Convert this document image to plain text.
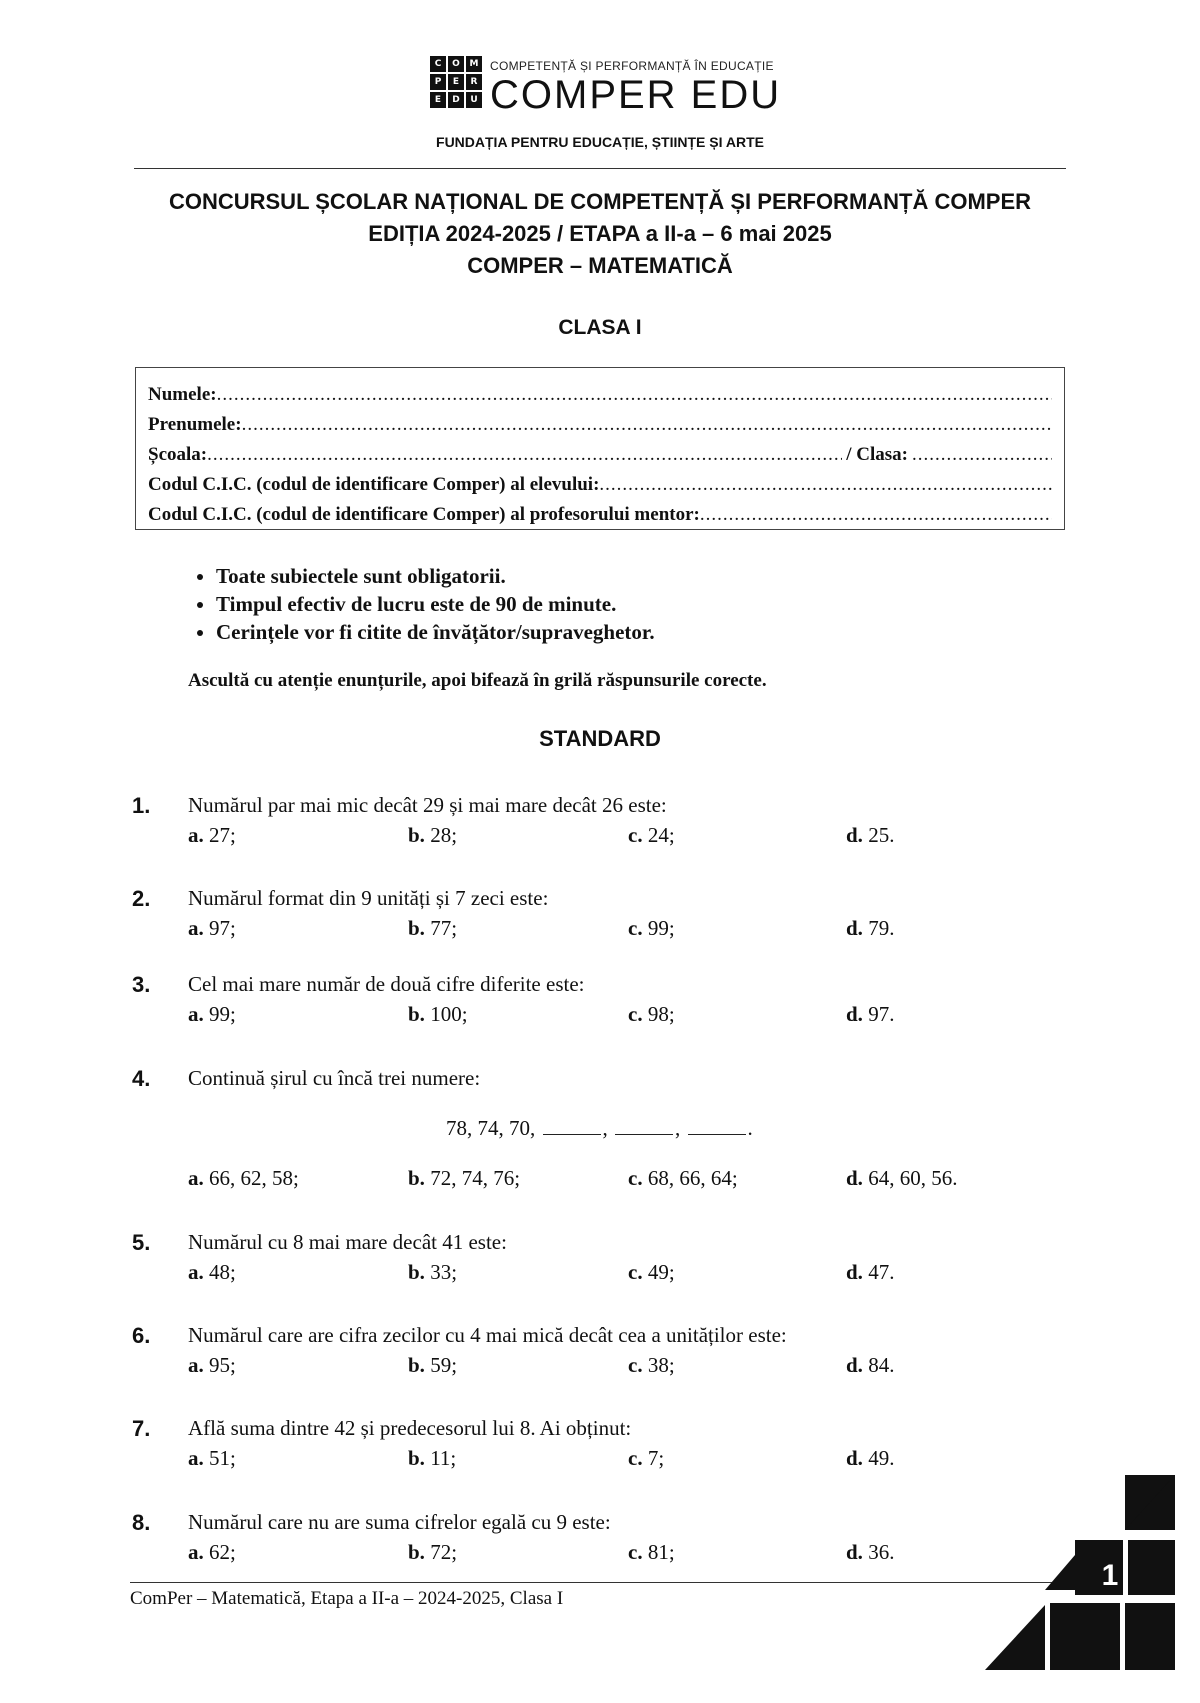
C	O	M
P	E	R
E	D	U
COMPETENȚĂ ȘI PERFORMANȚĂ ÎN EDUCAȚIE
COMPER EDU
FUNDAȚIA PENTRU EDUCAȚIE, ȘTIINȚE ȘI ARTE
CONCURSUL ȘCOLAR NAȚIONAL DE COMPETENȚĂ ȘI PERFORMANȚĂ COMPER
EDIȚIA 2024-2025 / ETAPA a II-a – 6 mai 2025
COMPER – MATEMATICĂ
CLASA I
Numele:
.....
Prenumele:
.....
Școala:
.....	/ Clasa:
.....
Codul C.I.C. (codul de identificare Comper) al elevului:
.....
Codul C.I.C. (codul de identificare Comper) al profesorului mentor:
.....
• Toate subiectele sunt obligatorii.
• Timpul efectiv de lucru este de 90 de minute.
• Cerințele vor fi citite de învățător/supraveghetor.
Ascultă cu atenție enunțurile, apoi bifează în grilă răspunsurile corecte.
STANDARD
1. Numărul par mai mic decât 29 și mai mare decât 26 este:
a. 27;	b. 28;	c. 24;	d. 25.
2. Numărul format din 9 unități și 7 zeci este:
a. 97;	b. 77;	c. 99;	d. 79.
3. Cel mai mare număr de două cifre diferite este:
a. 99;	b. 100;	c. 98;	d. 97.
4. Continuă șirul cu încă trei numere:
78, 74, 70,	,	,	.
a. 66, 62, 58;	b. 72, 74, 76;	c. 68, 66, 64;	d. 64, 60, 56.
5. Numărul cu 8 mai mare decât 41 este:
a. 48;	b. 33;	c. 49;	d. 47.
6. Numărul care are cifra zecilor cu 4 mai mică decât cea a unităților este:
a. 95;	b. 59;	c. 38;	d. 84.
7. Află suma dintre 42 și predecesorul lui 8. Ai obținut:
a. 51;	b. 11;	c. 7;	d. 49.
8. Numărul care nu are suma cifrelor egală cu 9 este:
a. 62;	b. 72;	c. 81;	d. 36.
ComPer – Matematică, Etapa a II-a – 2024-2025, Clasa I
1
